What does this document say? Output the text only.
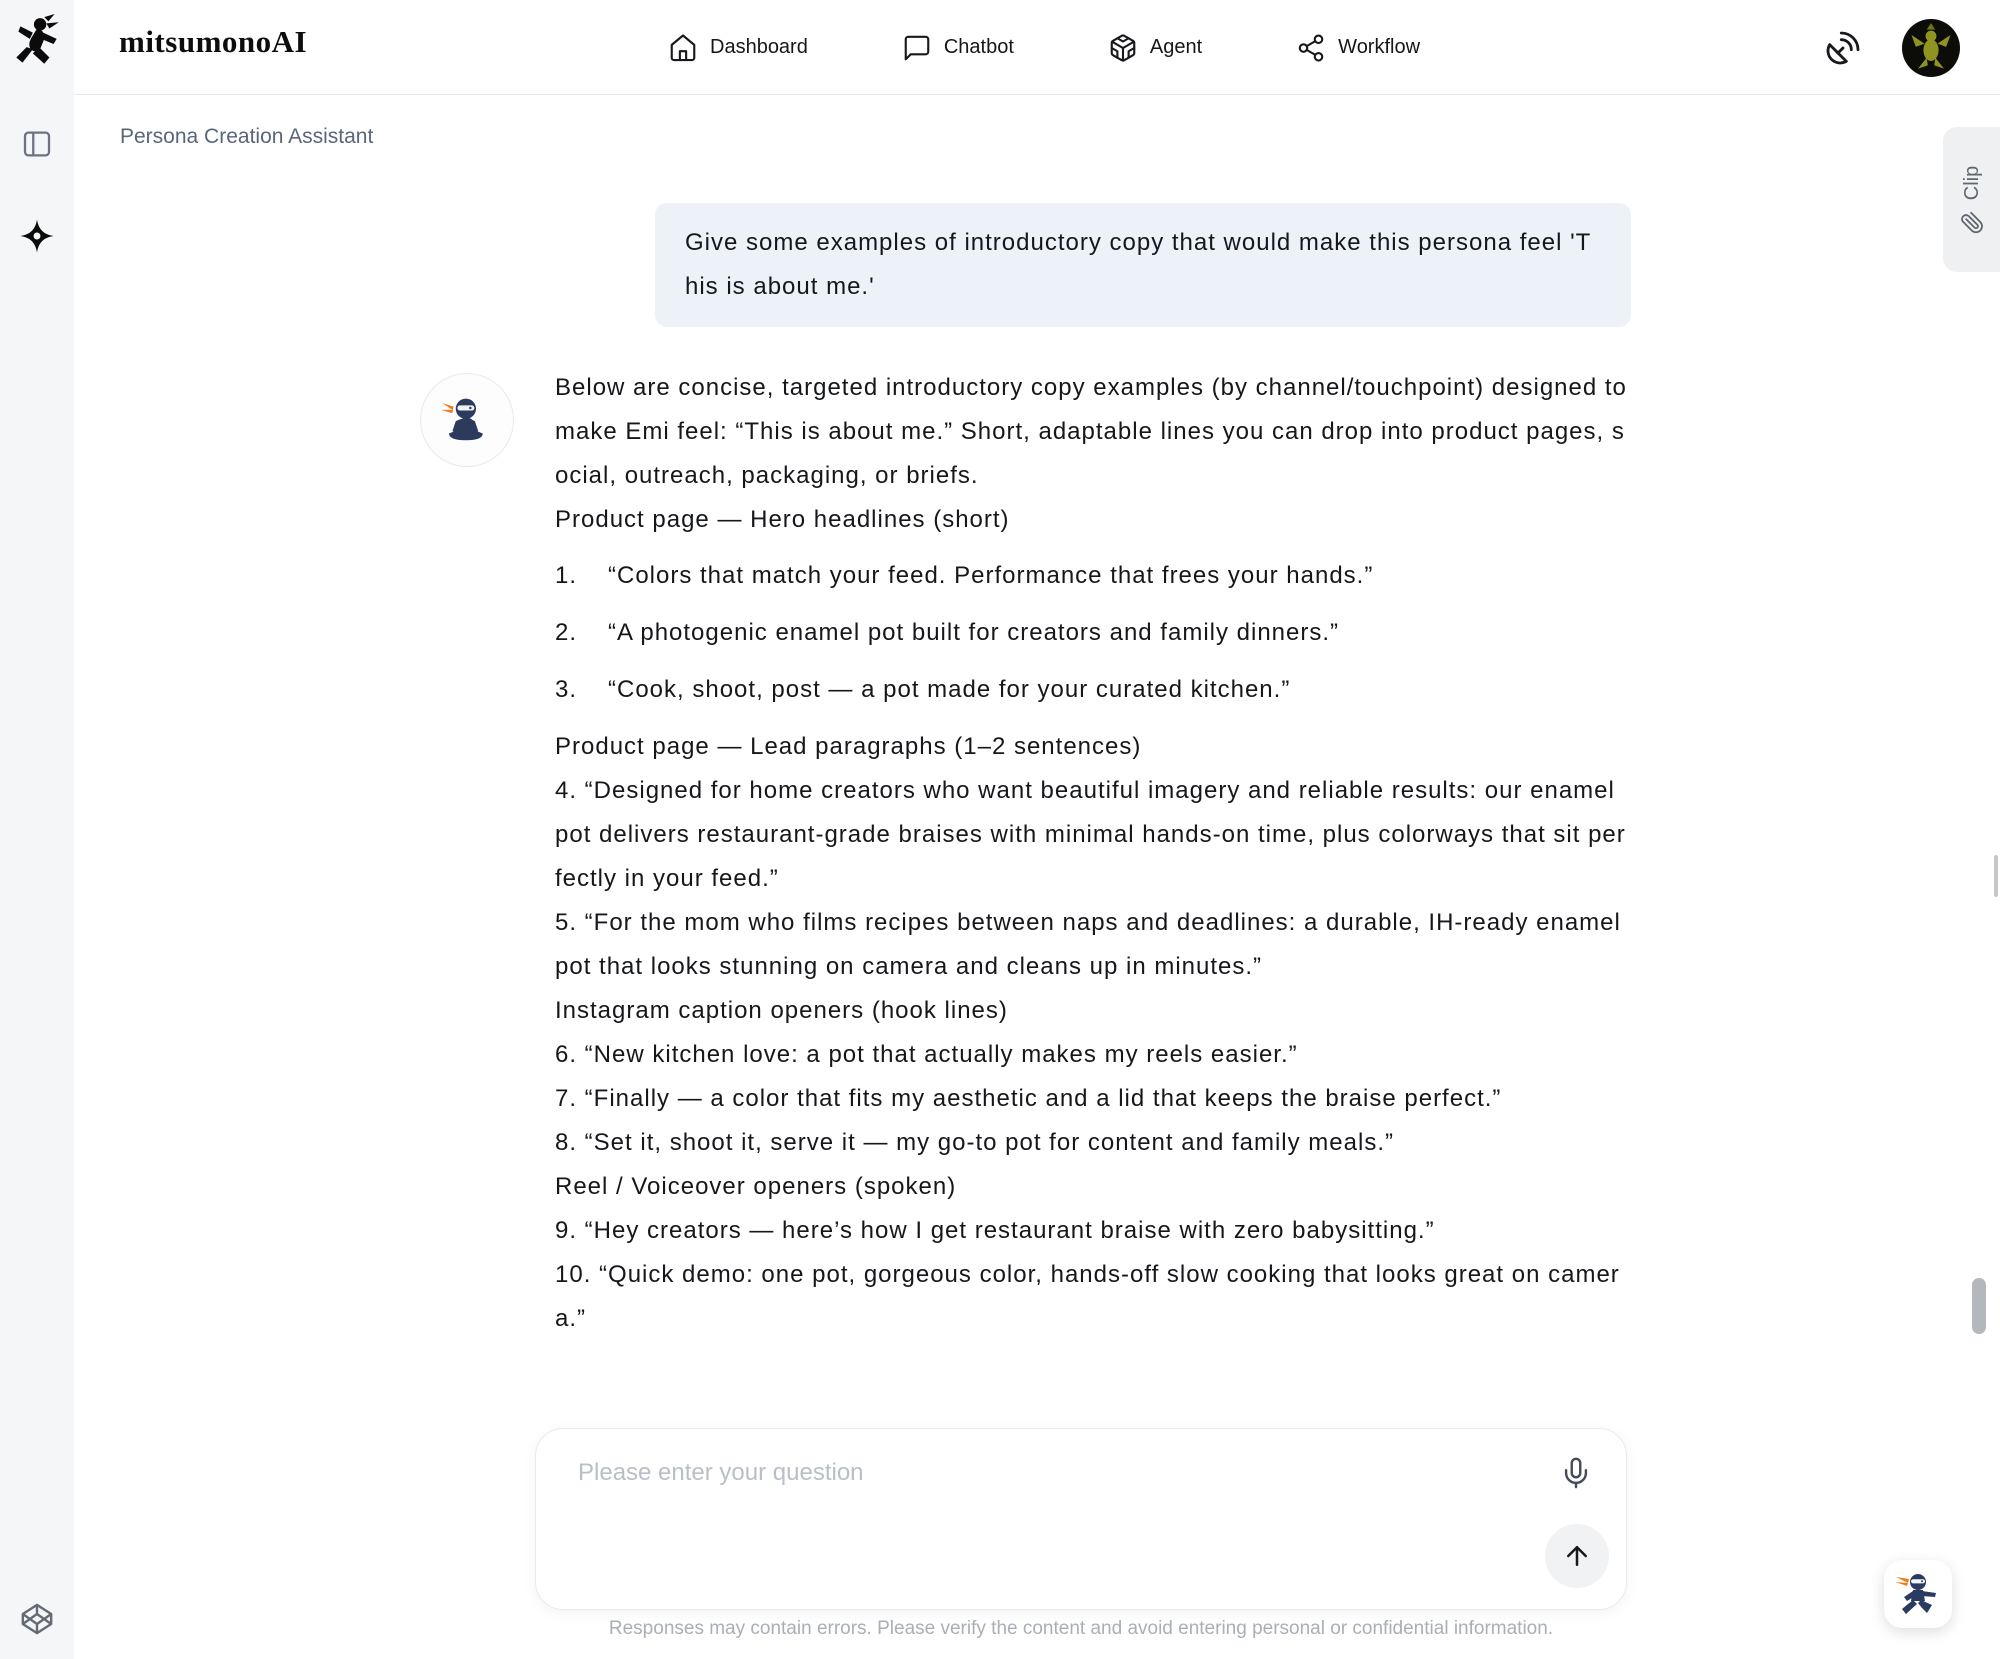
mitsumonoAI	Dashboard	Chatbot	Agent	Workflow
Persona Creation Assistant
Give some examples of introductory copy that would make this persona feel 'This is about me.'

Below are concise, targeted introductory copy examples (by channel/touchpoint) designed to make Emi feel: “This is about me.” Short, adaptable lines you can drop into product pages, social, outreach, packaging, or briefs.

Product page — Hero headlines (short)

1.	“Colors that match your feed. Performance that frees your hands.”
2.	“A photogenic enamel pot built for creators and family dinners.”
3.	“Cook, shoot, post — a pot made for your curated kitchen.”

Product page — Lead paragraphs (1–2 sentences)

4. “Designed for home creators who want beautiful imagery and reliable results: our enamel pot delivers restaurant-grade braises with minimal hands-on time, plus colorways that sit perfectly in your feed.”

5. “For the mom who films recipes between naps and deadlines: a durable, IH-ready enamel pot that looks stunning on camera and cleans up in minutes.”

Instagram caption openers (hook lines)

6. “New kitchen love: a pot that actually makes my reels easier.”

7. “Finally — a color that fits my aesthetic and a lid that keeps the braise perfect.”

8. “Set it, shoot it, serve it — my go-to pot for content and family meals.”

Reel / Voiceover openers (spoken)

9. “Hey creators — here’s how I get restaurant braise with zero babysitting.”

10. “Quick demo: one pot, gorgeous color, hands-off slow cooking that looks great on camera.”

Please enter your question
Responses may contain errors. Please verify the content and avoid entering personal or confidential information.
Clip
